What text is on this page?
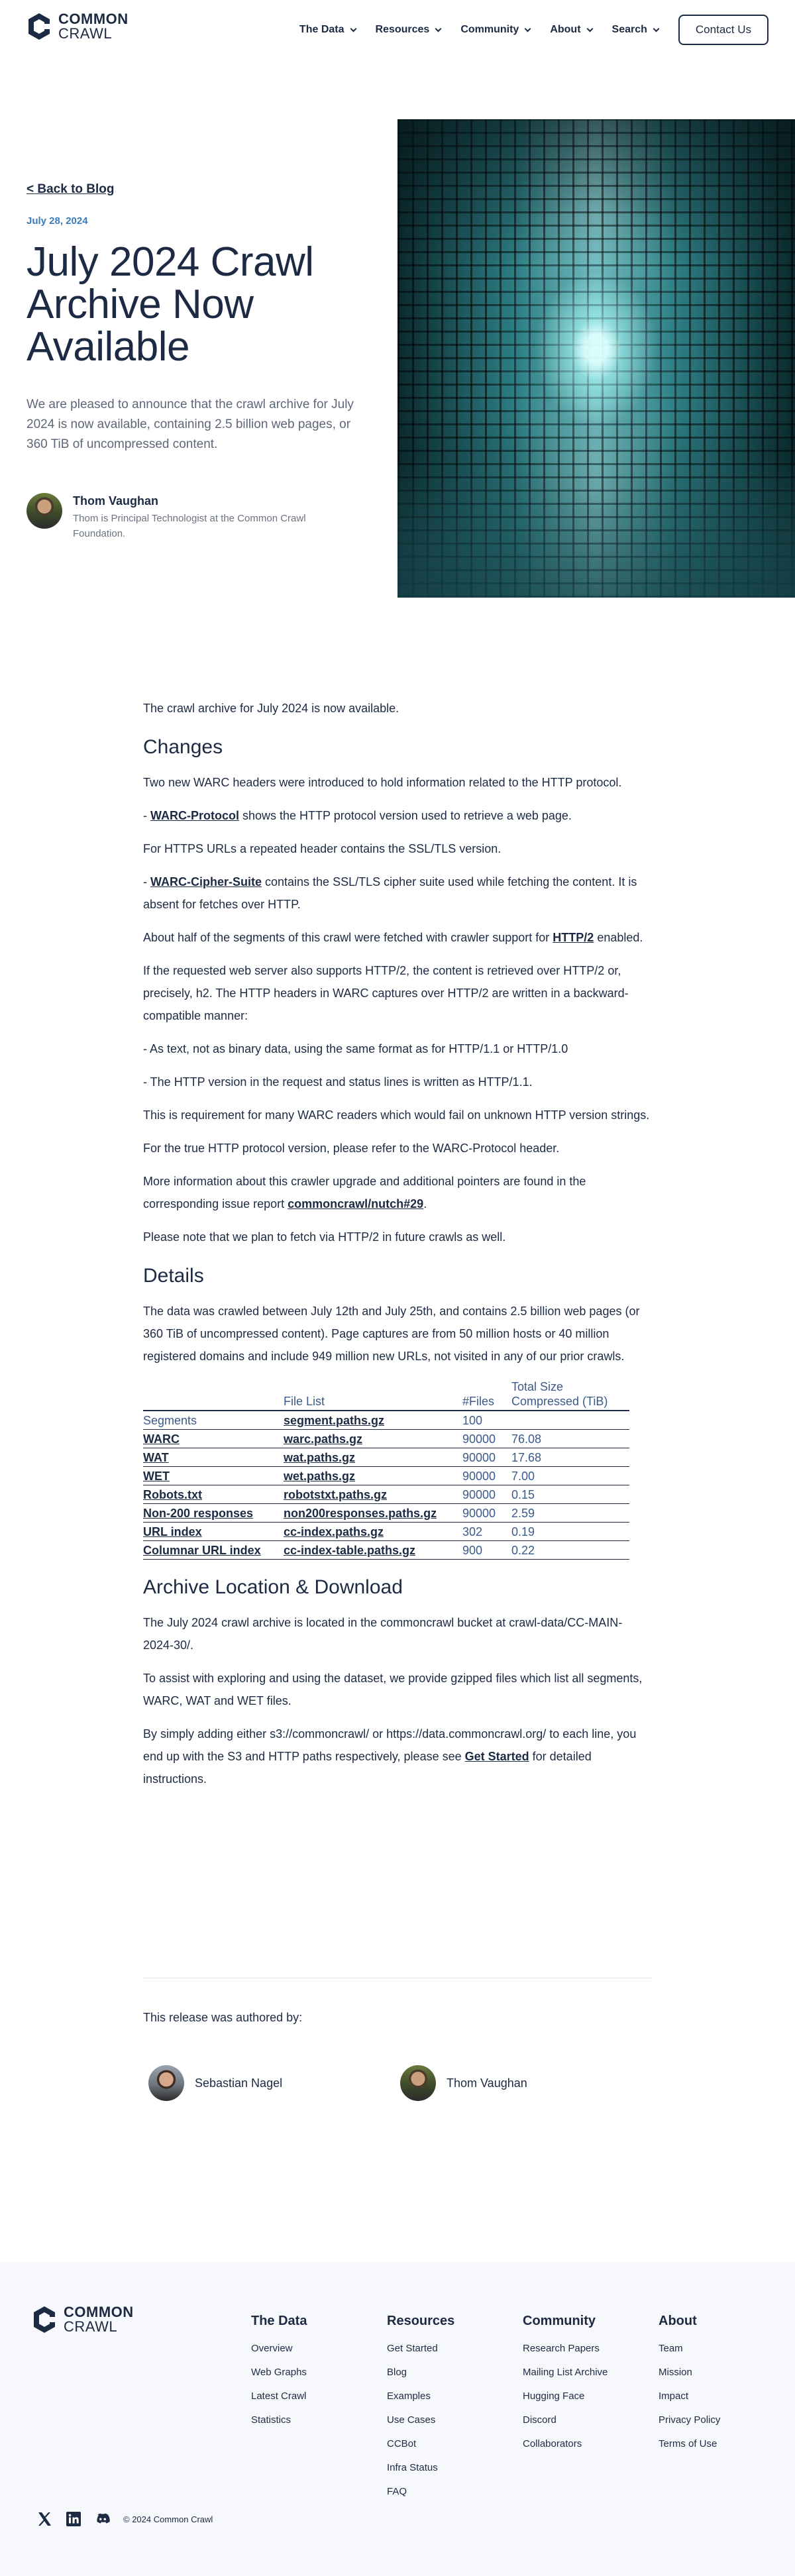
COMMON
CRAWL	The Data	Resources	Community	About	Search	Contact Us
< Back to Blog
July 28, 2024
July 2024 Crawl Archive Now Available

We are pleased to announce that the crawl archive for July 2024 is now available, containing 2.5 billion web pages, or 360 TiB of uncompressed content.

Thom Vaughan
Thom is Principal Technologist at the Common Crawl Foundation.

The crawl archive for July 2024 is now available.

Changes

Two new WARC headers were introduced to hold information related to the HTTP protocol.

- WARC-Protocol shows the HTTP protocol version used to retrieve a web page.

For HTTPS URLs a repeated header contains the SSL/TLS version.

- WARC-Cipher-Suite contains the SSL/TLS cipher suite used while fetching the content. It is absent for fetches over HTTP.

About half of the segments of this crawl were fetched with crawler support for HTTP/2 enabled.

If the requested web server also supports HTTP/2, the content is retrieved over HTTP/2 or, precisely, h2. The HTTP headers in WARC captures over HTTP/2 are written in a backward-compatible manner:

- As text, not as binary data, using the same format as for HTTP/1.1 or HTTP/1.0

- The HTTP version in the request and status lines is written as HTTP/1.1.

This is requirement for many WARC readers which would fail on unknown HTTP version strings.

For the true HTTP protocol version, please refer to the WARC-Protocol header.

More information about this crawler upgrade and additional pointers are found in the corresponding issue report commoncrawl/nutch#29.

Please note that we plan to fetch via HTTP/2 in future crawls as well.

Details

The data was crawled between July 12th and July 25th, and contains 2.5 billion web pages (or 360 TiB of uncompressed content). Page captures are from 50 million hosts or 40 million registered domains and include 949 million new URLs, not visited in any of our prior crawls.

	File List	#Files	Total Size Compressed (TiB)
Segments	segment.paths.gz	100	
WARC	warc.paths.gz	90000	76.08
WAT	wat.paths.gz	90000	17.68
WET	wet.paths.gz	90000	7.00
Robots.txt	robotstxt.paths.gz	90000	0.15
Non-200 responses	non200responses.paths.gz	90000	2.59
URL index	cc-index.paths.gz	302	0.19
Columnar URL index	cc-index-table.paths.gz	900	0.22
Archive Location & Download

The July 2024 crawl archive is located in the commoncrawl bucket at crawl-data/CC-MAIN-2024-30/.

To assist with exploring and using the dataset, we provide gzipped files which list all segments, WARC, WAT and WET files.

By simply adding either s3://commoncrawl/ or https://data.commoncrawl.org/ to each line, you end up with the S3 and HTTP paths respectively, please see Get Started for detailed instructions.

This release was authored by:
Sebastian Nagel	Thom Vaughan
COMMON
CRAWL	The Data
Overview
Web Graphs
Latest Crawl
Statistics
Resources
Get Started
Blog
Examples
Use Cases
CCBot
Infra Status
FAQ
Community
Research Papers
Mailing List Archive
Hugging Face
Discord
Collaborators
About
Team
Mission
Impact
Privacy Policy
Terms of Use
© 2024 Common Crawl
